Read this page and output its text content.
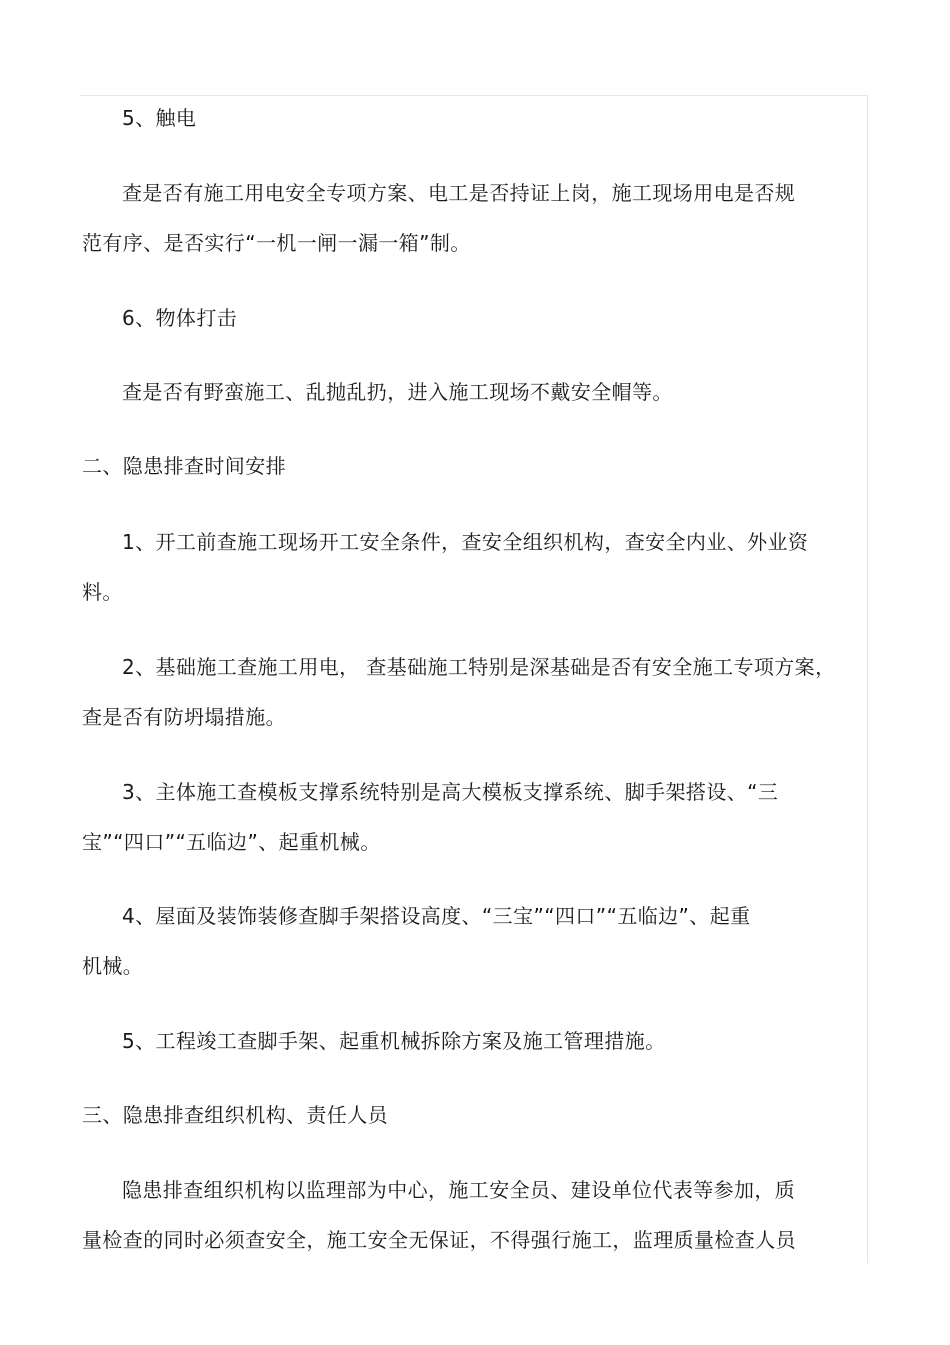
5、触电
查是否有施工用电安全专项方案、电工是否持证上岗，施工现场用电是否规
范有序、是否实行“一机一闸一漏一箱”制。
6、物体打击
查是否有野蛮施工、乱抛乱扔，进入施工现场不戴安全帽等。
二、隐患排查时间安排
1、开工前查施工现场开工安全条件，查安全组织机构，查安全内业、外业资
料。
2、基础施工查施工用电， 查基础施工特别是深基础是否有安全施工专项方案，
查是否有防坍塌措施。
3、主体施工查模板支撑系统特别是高大模板支撑系统、脚手架搭设、“三
宝”“四口”“五临边”、起重机械。
4、屋面及装饰装修查脚手架搭设高度、“三宝”“四口”“五临边”、起重
机械。
5、工程竣工查脚手架、起重机械拆除方案及施工管理措施。
三、隐患排查组织机构、责任人员
隐患排查组织机构以监理部为中心，施工安全员、建设单位代表等参加，质
量检查的同时必须查安全，施工安全无保证，不得强行施工，监理质量检查人员
